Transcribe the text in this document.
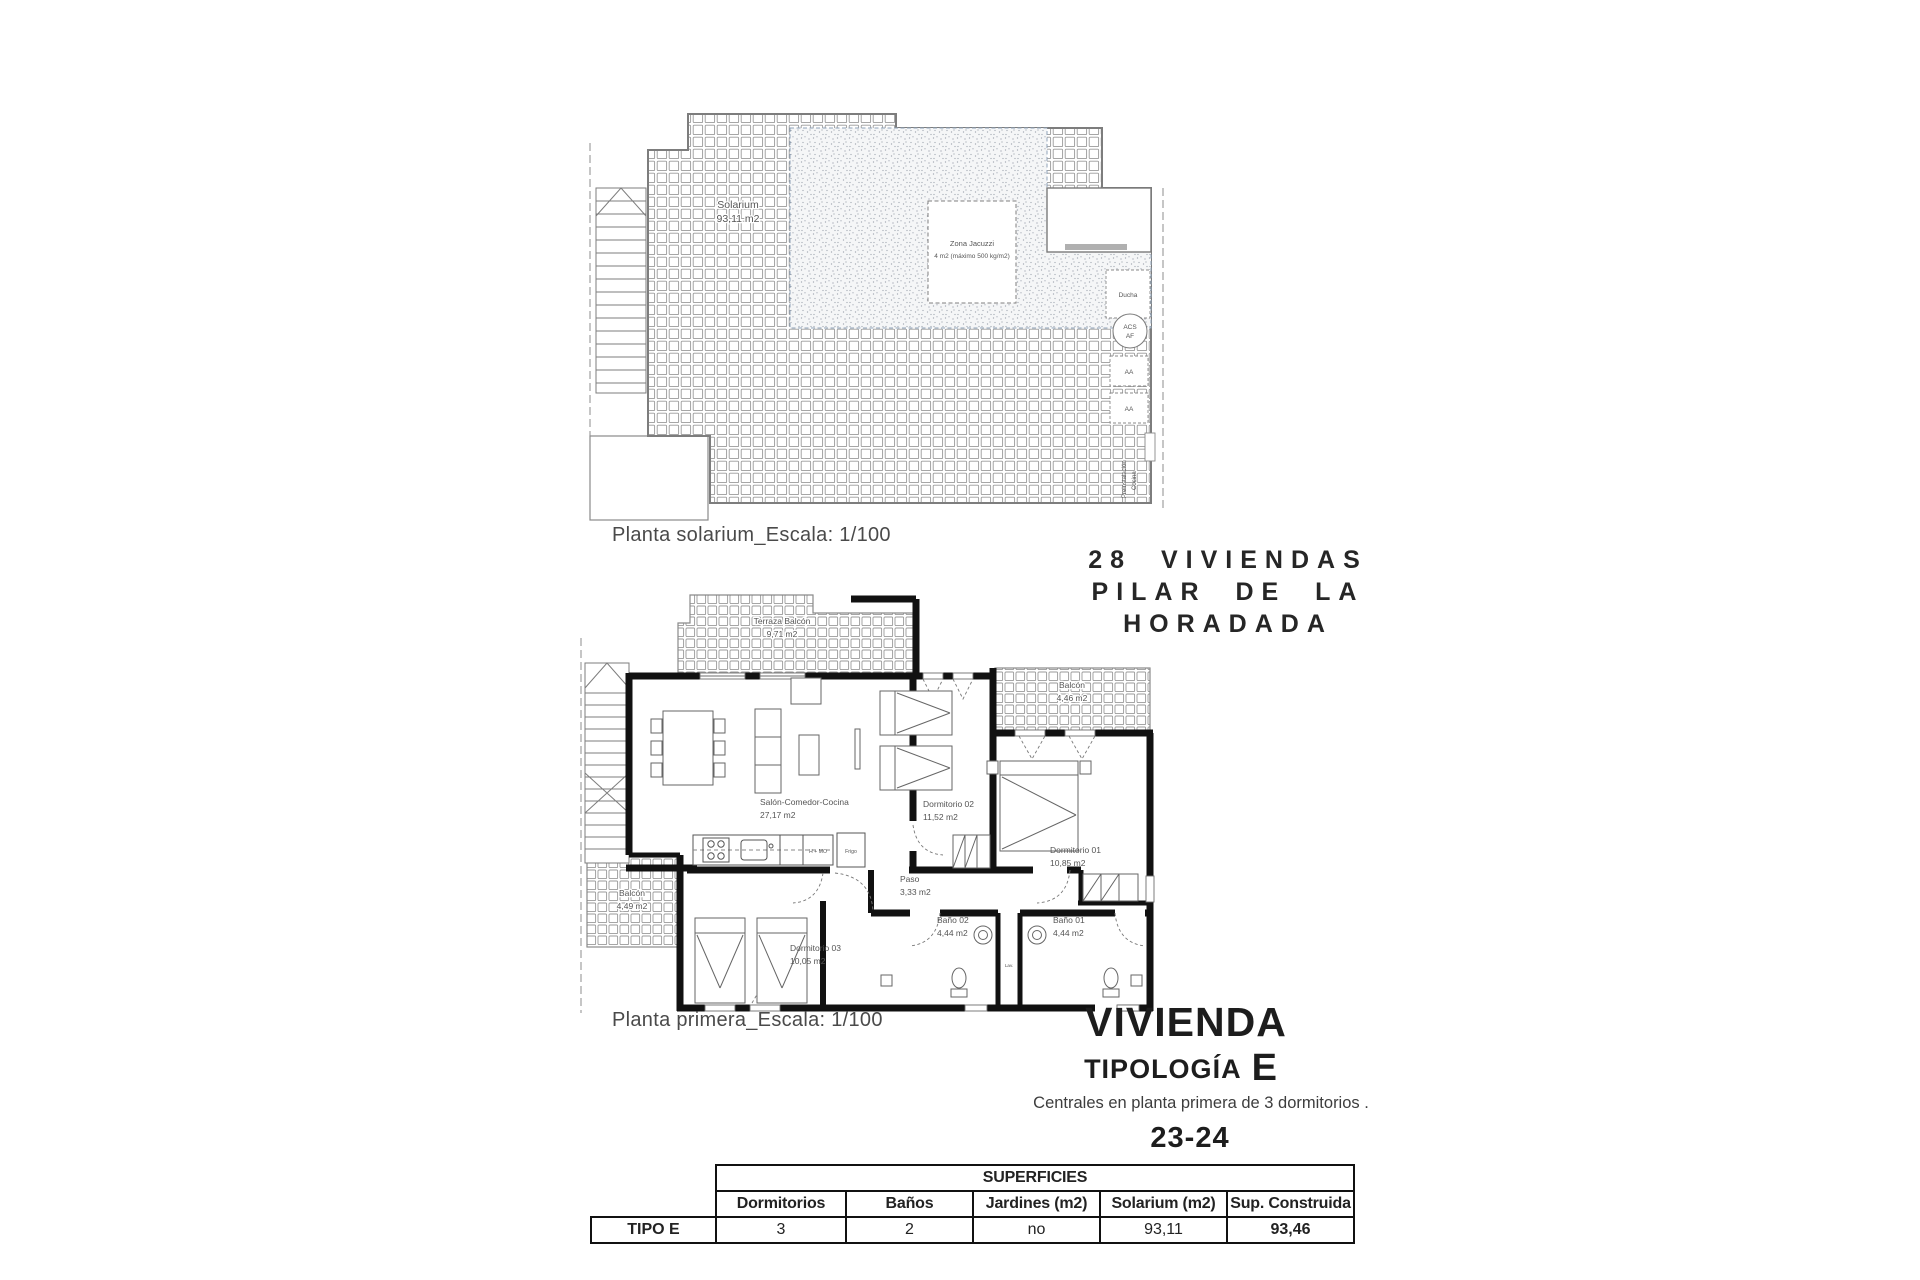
Zona Jacuzzi
4 m2 (máximo 500 kg/m2)
Solarium
93,11 m2
Ducha
ACS
AF
AA
AA
Preinstalación Cocina
Planta solarium_Escala: 1/100
28 VIVIENDAS
PILAR DE LA
HORADADA
H + MO	Frigo
Lav.
Terraza Balcón
9,71 m2
Salón-Comedor-Cocina
27,17 m2
Dormitorio 02
11,52 m2
Balcón
4,46 m2
Dormitorio 01
10,85 m2
Paso
3,33 m2
Baño 02
4,44 m2
Baño 01
4,44 m2
Dormitorio 03
10,05 m2
Balcón
4,49 m2
Planta primera_Escala: 1/100	VIVIENDA
TIPOLOGÍA E
Centrales en planta primera de 3 dormitorios .
23-24
	SUPERFICIES				
	Dormitorios	Baños	Jardines (m2)	Solarium (m2)	Sup. Construida
TIPO E	3	2	no	93,11	93,46
